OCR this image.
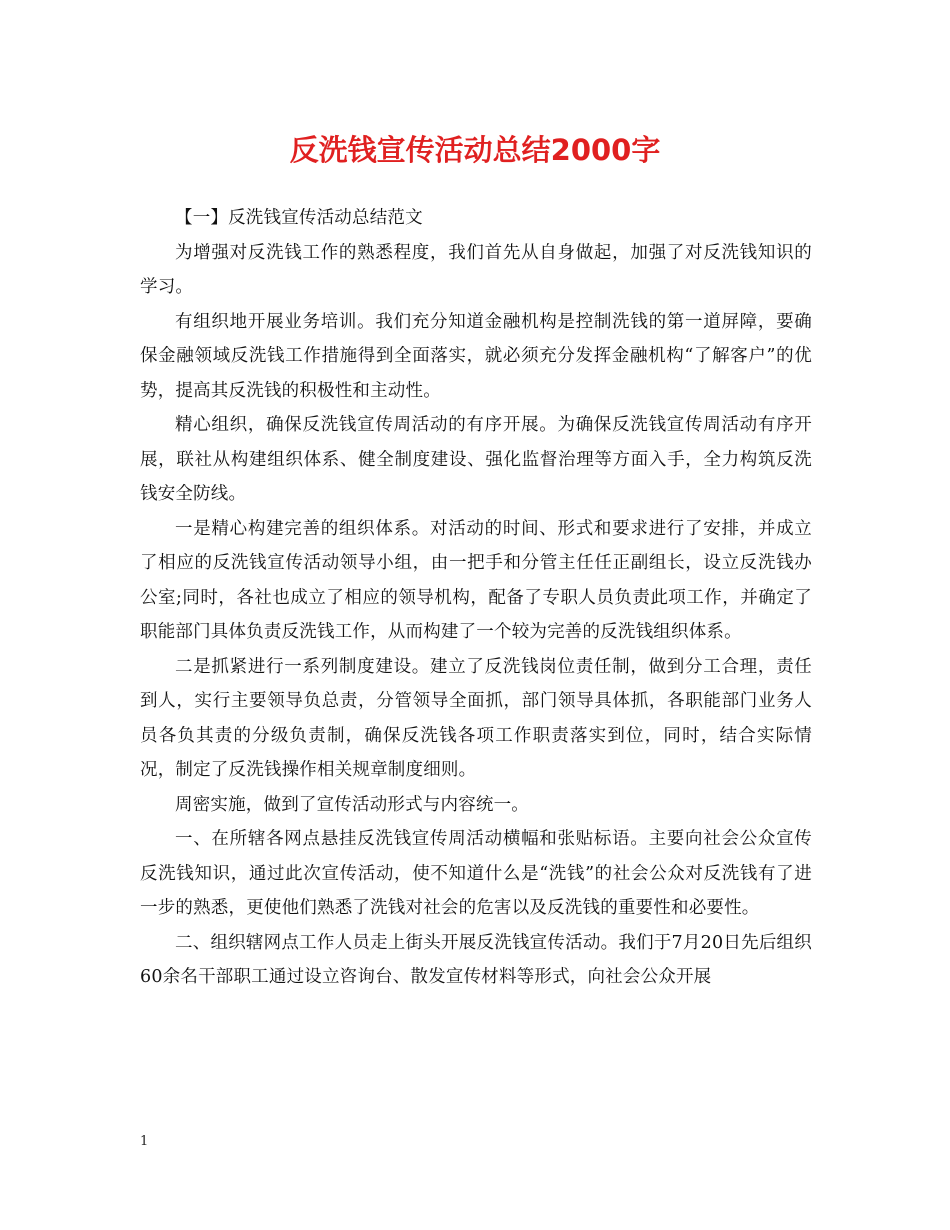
反洗钱宣传活动总结2000字

【一】反洗钱宣传活动总结范文

为增强对反洗钱工作的熟悉程度，我们首先从自身做起，加强了对反洗钱知识的学习。

有组织地开展业务培训。我们充分知道金融机构是控制洗钱的第一道屏障，要确保金融领域反洗钱工作措施得到全面落实，就必须充分发挥金融机构“了解客户”的优势，提高其反洗钱的积极性和主动性。

精心组织，确保反洗钱宣传周活动的有序开展。为确保反洗钱宣传周活动有序开展，联社从构建组织体系、健全制度建设、强化监督治理等方面入手，全力构筑反洗钱安全防线。

一是精心构建完善的组织体系。对活动的时间、形式和要求进行了安排，并成立了相应的反洗钱宣传活动领导小组，由一把手和分管主任任正副组长，设立反洗钱办公室;同时，各社也成立了相应的领导机构，配备了专职人员负责此项工作，并确定了职能部门具体负责反洗钱工作，从而构建了一个较为完善的反洗钱组织体系。

二是抓紧进行一系列制度建设。建立了反洗钱岗位责任制，做到分工合理，责任到人，实行主要领导负总责，分管领导全面抓，部门领导具体抓，各职能部门业务人员各负其责的分级负责制，确保反洗钱各项工作职责落实到位，同时，结合实际情况，制定了反洗钱操作相关规章制度细则。

周密实施，做到了宣传活动形式与内容统一。

一、在所辖各网点悬挂反洗钱宣传周活动横幅和张贴标语。主要向社会公众宣传反洗钱知识，通过此次宣传活动，使不知道什么是“洗钱”的社会公众对反洗钱有了进一步的熟悉，更使他们熟悉了洗钱对社会的危害以及反洗钱的重要性和必要性。

二、组织辖网点工作人员走上街头开展反洗钱宣传活动。我们于7月20日先后组织60余名干部职工通过设立咨询台、散发宣传材料等形式，向社会公众开展

1
